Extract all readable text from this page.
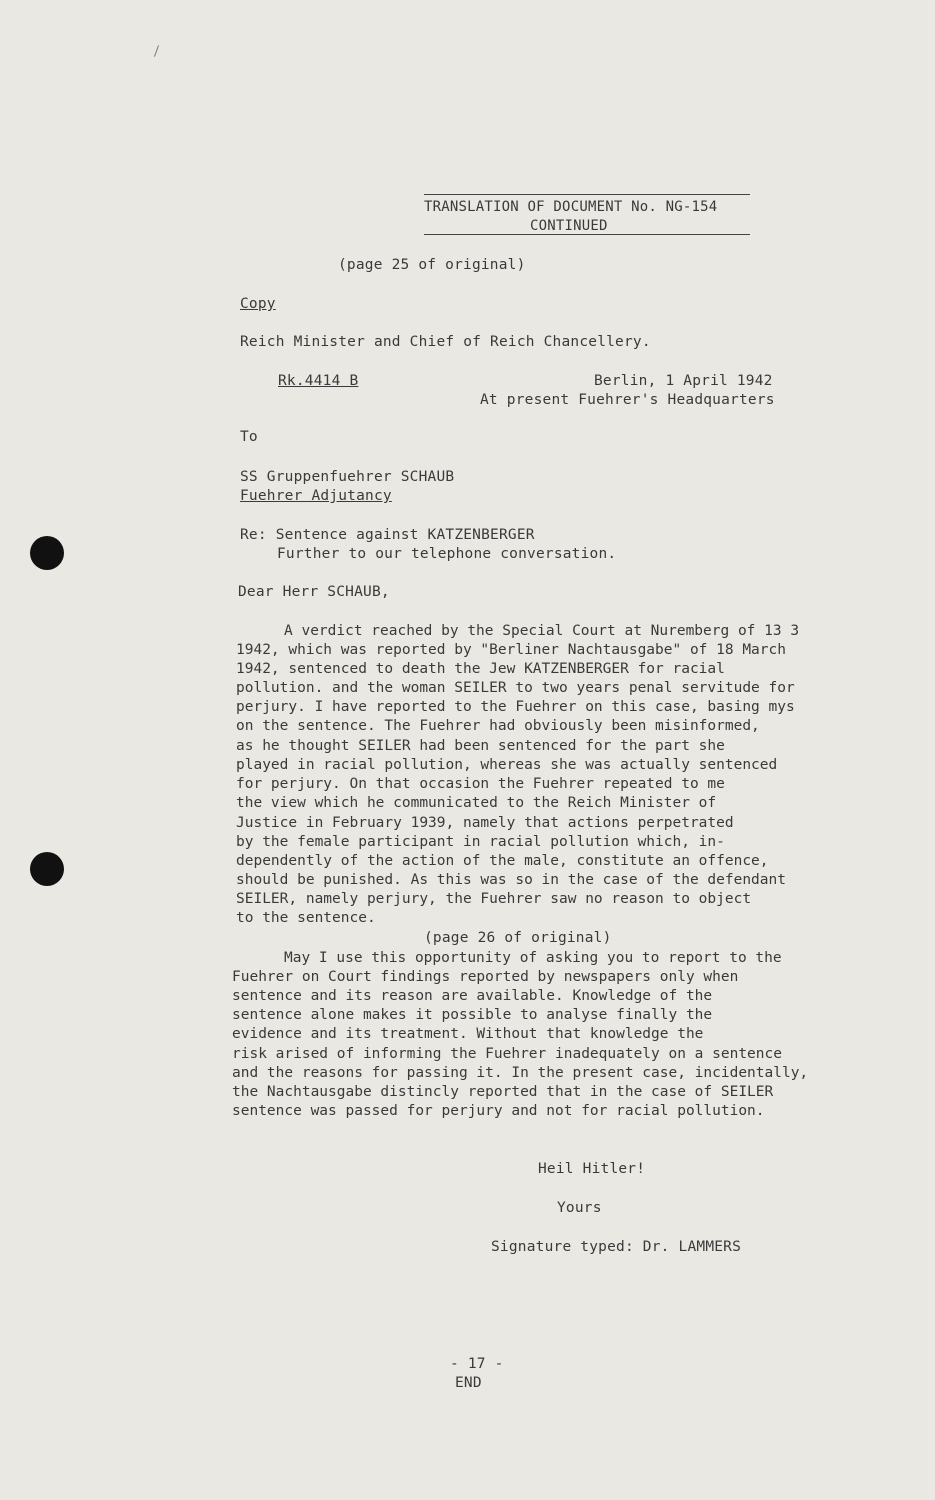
TRANSLATION OF DOCUMENT No. NG-154
CONTINUED
(page 25 of original)
Copy
Reich Minister and Chief of Reich Chancellery.
Rk.4414 B	Berlin, 1 April 1942
At present Fuehrer's Headquarters
To
SS Gruppenfuehrer SCHAUB
Fuehrer Adjutancy
Re: Sentence against KATZENBERGER
Further to our telephone conversation.
Dear Herr SCHAUB,
A verdict reached by the Special Court at Nuremberg of 13 3
1942, which was reported by "Berliner Nachtausgabe" of 18 March
1942, sentenced to death the Jew KATZENBERGER for racial
pollution. and the woman SEILER to two years penal servitude for
perjury. I have reported to the Fuehrer on this case, basing mys
on the sentence. The Fuehrer had obviously been misinformed,
as he thought SEILER had been sentenced for the part she
played in racial pollution, whereas she was actually sentenced
for perjury. On that occasion the Fuehrer repeated to me
the view which he communicated to the Reich Minister of
Justice in February 1939, namely that actions perpetrated
by the female participant in racial pollution which, in-
dependently of the action of the male, constitute an offence,
should be punished. As this was so in the case of the defendant
SEILER, namely perjury, the Fuehrer saw no reason to object
to the sentence.
(page 26 of original)
May I use this opportunity of asking you to report to the
Fuehrer on Court findings reported by newspapers only when
sentence and its reason are available. Knowledge of the
sentence alone makes it possible to analyse finally the
evidence and its treatment. Without that knowledge the
risk arised of informing the Fuehrer inadequately on a sentence
and the reasons for passing it. In the present case, incidentally,
the Nachtausgabe distincly reported that in the case of SEILER
sentence was passed for perjury and not for racial pollution.
Heil Hitler!
Yours
Signature typed: Dr. LAMMERS
- 17 -
END
